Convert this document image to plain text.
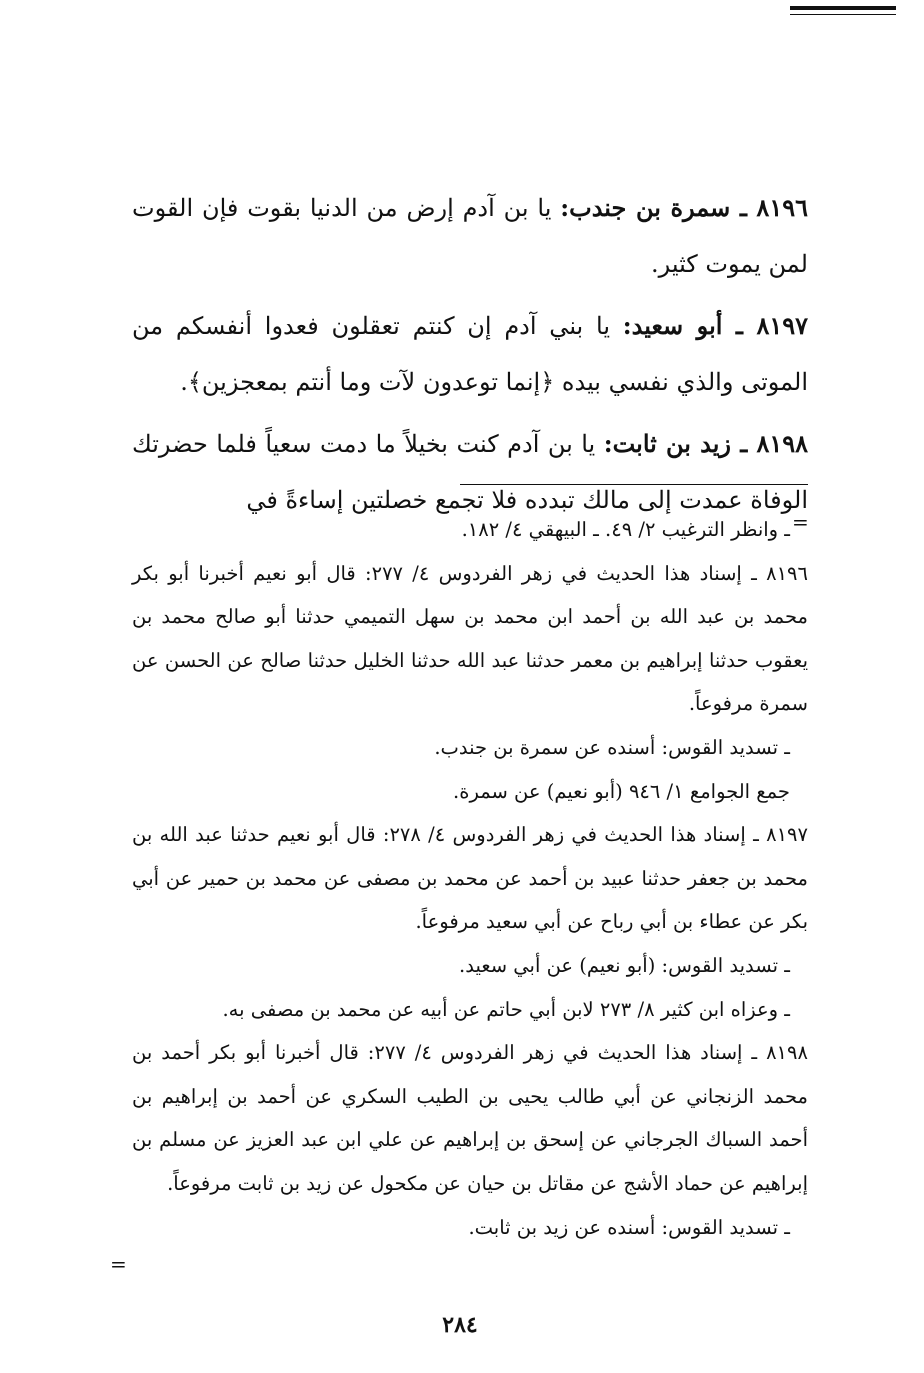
٨١٩٦ ـ سمرة بن جندب: يا بن آدم إرض من الدنيا بقوت فإن القوت لمن يموت كثير.

٨١٩٧ ـ أبو سعيد: يا بني آدم إن كنتم تعقلون فعدوا أنفسكم من الموتى والذي نفسي بيده ﴿إنما توعدون لآت وما أنتم بمعجزين﴾.

٨١٩٨ ـ زيد بن ثابت: يا بن آدم كنت بخيلاً ما دمت سعياً فلما حضرتك الوفاة عمدت إلى مالك تبدده فلا تجمع خصلتين إساءةً في

=

ـ وانظر الترغيب ٢/ ٤٩. ـ البيهقي ٤/ ١٨٢.

٨١٩٦ ـ إسناد هذا الحديث في زهر الفردوس ٤/ ٢٧٧: قال أبو نعيم أخبرنا أبو بكر محمد بن عبد الله بن أحمد ابن محمد بن سهل التميمي حدثنا أبو صالح محمد بن يعقوب حدثنا إبراهيم بن معمر حدثنا عبد الله حدثنا الخليل حدثنا صالح عن الحسن عن سمرة مرفوعاً.

ـ تسديد القوس: أسنده عن سمرة بن جندب.

جمع الجوامع ١/ ٩٤٦ (أبو نعيم) عن سمرة.

٨١٩٧ ـ إسناد هذا الحديث في زهر الفردوس ٤/ ٢٧٨: قال أبو نعيم حدثنا عبد الله بن محمد بن جعفر حدثنا عبيد بن أحمد عن محمد بن مصفى عن محمد بن حمير عن أبي بكر عن عطاء بن أبي رباح عن أبي سعيد مرفوعاً.

ـ تسديد القوس: (أبو نعيم) عن أبي سعيد.

ـ وعزاه ابن كثير ٨/ ٢٧٣ لابن أبي حاتم عن أبيه عن محمد بن مصفى به.

٨١٩٨ ـ إسناد هذا الحديث في زهر الفردوس ٤/ ٢٧٧: قال أخبرنا أبو بكر أحمد بن محمد الزنجاني عن أبي طالب يحيى بن الطيب السكري عن أحمد بن إبراهيم بن أحمد السباك الجرجاني عن إسحق بن إبراهيم عن علي ابن عبد العزيز عن مسلم بن إبراهيم عن حماد الأشج عن مقاتل بن حيان عن مكحول عن زيد بن ثابت مرفوعاً.

ـ تسديد القوس: أسنده عن زيد بن ثابت.

=
٢٨٤
